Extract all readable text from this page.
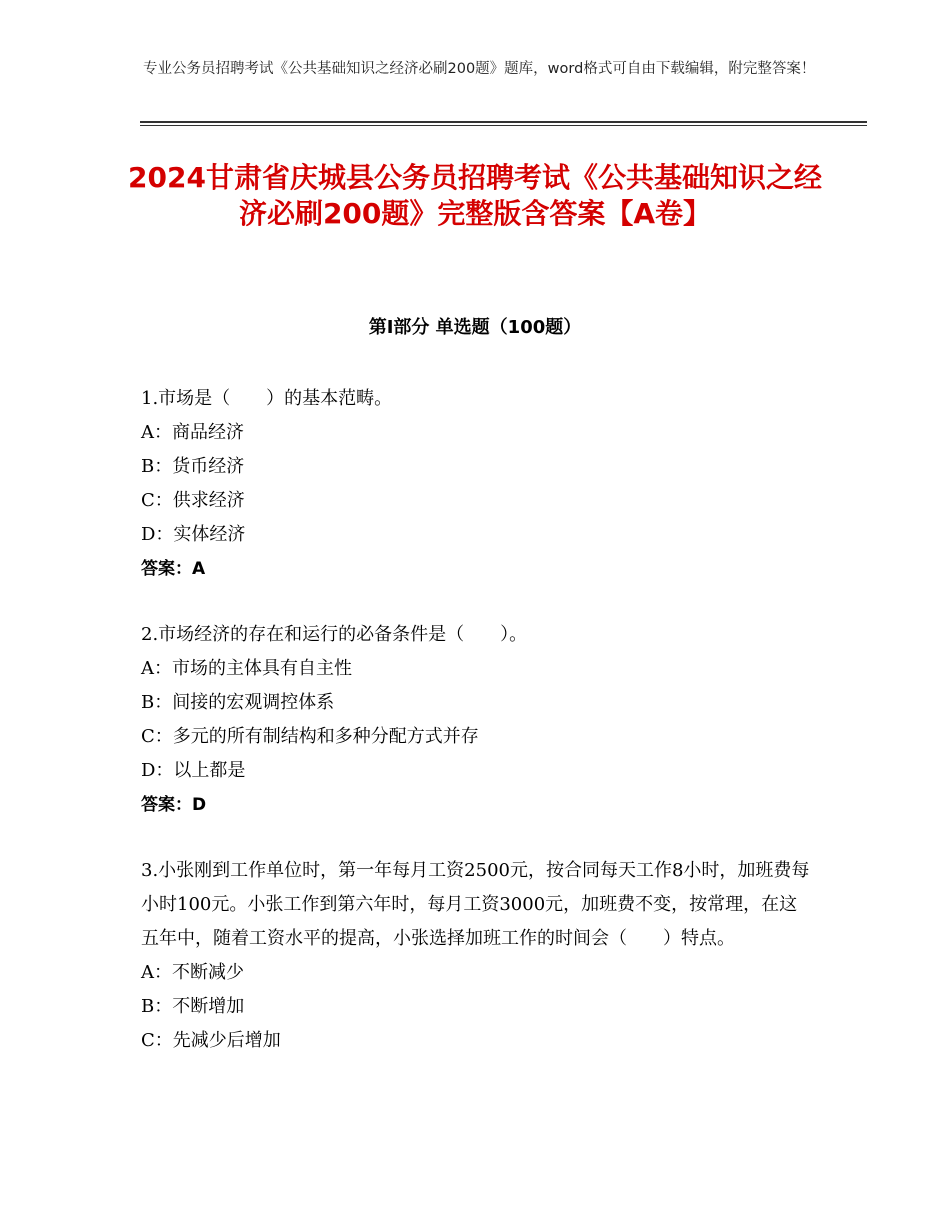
专业公务员招聘考试《公共基础知识之经济必刷200题》题库，word格式可自由下载编辑，附完整答案！
2024甘肃省庆城县公务员招聘考试《公共基础知识之经济必刷200题》完整版含答案【A卷】
第Ⅰ部分 单选题（100题）
1.市场是（　　）的基本范畴。
A：商品经济
B：货币经济
C：供求经济
D：实体经济
答案：A
2.市场经济的存在和运行的必备条件是（　　）。
A：市场的主体具有自主性
B：间接的宏观调控体系
C：多元的所有制结构和多种分配方式并存
D：以上都是
答案：D
3.小张刚到工作单位时，第一年每月工资2500元，按合同每天工作8小时，加班费每小时100元。小张工作到第六年时，每月工资3000元，加班费不变，按常理，在这五年中，随着工资水平的提高，小张选择加班工作的时间会（　　）特点。
A：不断减少
B：不断增加
C：先减少后增加
